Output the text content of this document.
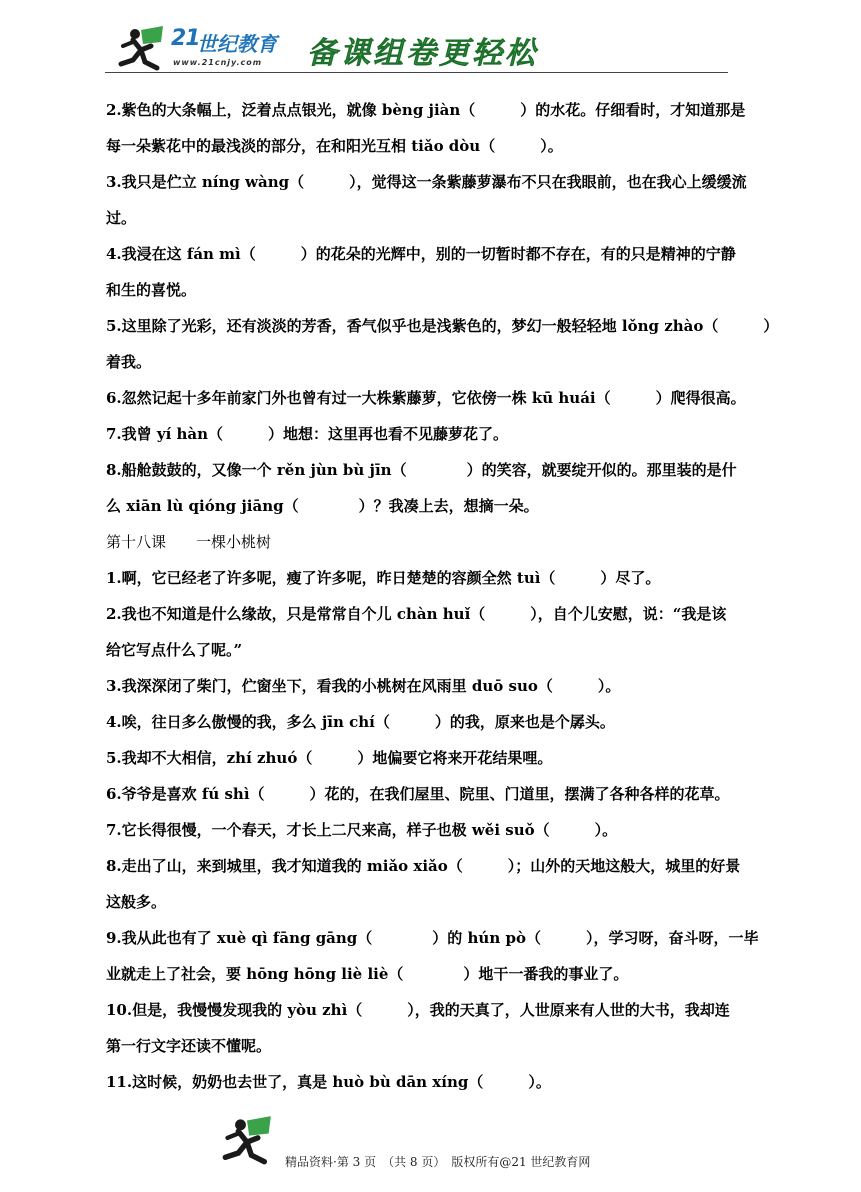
21
世纪教育
www.21cnjy.com 备课组卷更轻松
2.紫色的大条幅上，泛着点点银光，就像 bèng jiàn（　　　）的水花。仔细看时，才知道那是
每一朵紫花中的最浅淡的部分，在和阳光互相 tiǎo dòu（　　　）。
3.我只是伫立 níng wàng（　　　），觉得这一条紫藤萝瀑布不只在我眼前，也在我心上缓缓流
过。
4.我浸在这 fán mì（　　　）的花朵的光辉中，别的一切暂时都不存在，有的只是精神的宁静
和生的喜悦。
5.这里除了光彩，还有淡淡的芳香，香气似乎也是浅紫色的，梦幻一般轻轻地 lǒng zhào（　　　）
着我。
6.忽然记起十多年前家门外也曾有过一大株紫藤萝，它依傍一株 kū huái（　　　）爬得很高。
7.我曾 yí hàn（　　　）地想：这里再也看不见藤萝花了。
8.船舱鼓鼓的，又像一个 rěn jùn bù jīn（　　　　）的笑容，就要绽开似的。那里装的是什
么 xiān lù qióng jiāng（　　　　）？我凑上去，想摘一朵。
第十八课　　一棵小桃树
1.啊，它已经老了许多呢，瘦了许多呢，昨日楚楚的容颜全然 tuì（　　　）尽了。
2.我也不知道是什么缘故，只是常常自个儿 chàn huǐ（　　　），自个儿安慰，说：“我是该
给它写点什么了呢。”
3.我深深闭了柴门，伫窗坐下，看我的小桃树在风雨里 duō suo（　　　）。
4.唉，往日多么傲慢的我，多么 jīn chí（　　　）的我，原来也是个孱头。
5.我却不大相信，zhí zhuó（　　　）地偏要它将来开花结果哩。
6.爷爷是喜欢 fú shì（　　　）花的，在我们屋里、院里、门道里，摆满了各种各样的花草。
7.它长得很慢，一个春天，才长上二尺来高，样子也极 wěi suǒ（　　　）。
8.走出了山，来到城里，我才知道我的 miǎo xiǎo（　　　）；山外的天地这般大，城里的好景
这般多。
9.我从此也有了 xuè qì fāng gāng（　　　　）的 hún pò（　　　），学习呀，奋斗呀，一毕
业就走上了社会，要 hōng hōng liè liè（　　　　）地干一番我的事业了。
10.但是，我慢慢发现我的 yòu zhì（　　　），我的天真了，人世原来有人世的大书，我却连
第一行文字还读不懂呢。
11.这时候，奶奶也去世了，真是 huò bù dān xíng（　　　）。
精品资料·第 3 页　（共 8 页）　版权所有@21 世纪教育网
